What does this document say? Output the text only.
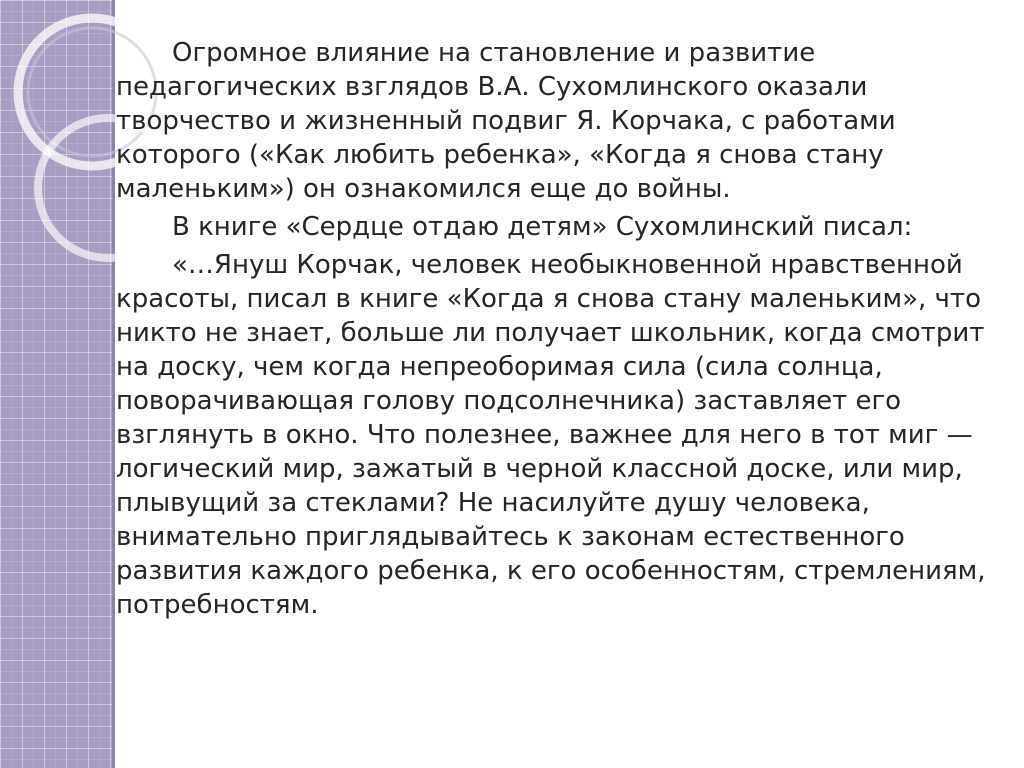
Огромное влияние на становление и развитие педагогических взглядов В.А. Сухомлинского оказали творчество и жизненный подвиг Я. Корчака, с работами которого («Как любить ребенка», «Когда я снова стану маленьким») он ознакомился еще до войны.

В книге «Сердце отдаю детям» Сухомлинский писал:

«…Януш Корчак, человек необыкновенной нравственной красоты, писал в книге «Когда я снова стану маленьким», что никто не знает, больше ли получает школьник, когда смотрит на доску, чем когда непреоборимая сила (сила солнца, поворачивающая голову подсолнечника) заставляет его взглянуть в окно. Что полезнее, важнее для него в тот миг — логический мир, зажатый в черной классной доске, или мир, плывущий за стеклами? Не насилуйте душу человека, внимательно приглядывайтесь к законам естественного развития каждого ребенка, к его особенностям, стремлениям, потребностям.
